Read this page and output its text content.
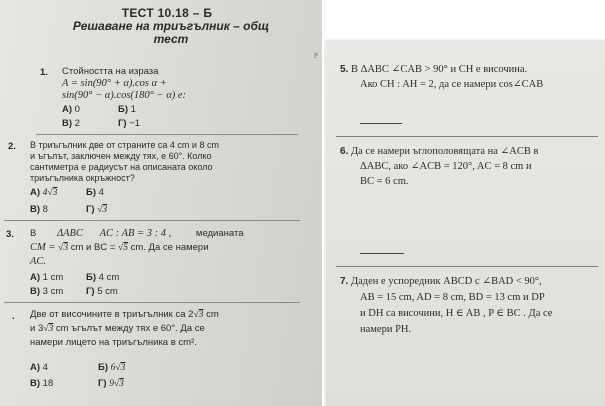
ТЕСТ 10.18 – Б
Решаване на триъгълник – общ
тест
1. Стойността на израза
A = sin(90° + α).cos α +
sin(90° − α).cos(180° − α) е:
А) 0	Б) 1
В) 2	Г) −1
2. В триъгълник две от страните са 4 cm и 8 cm
и ъгълът, заключен между тях, е 60°. Колко
сантиметра е радиусът на описаната около
триъгълника окръжност?
А) 4√3	Б) 4
В) 8	Г) √3
3. В ΔABC AC : AB = 3 : 4 ,	медианата
CM = √3 cm и BC = √5 cm. Да се намери
AC.
А) 1 cm Б) 4 cm
В) 3 cm Г) 5 cm
. Две от височините в триъгълник са 2√3 cm
и 3√3 cm ъгълът между тях е 60°. Да се
намери лицето на триъгълника в cm².
А) 4	Б) 6√3
В) 18	Г) 9√3
Р
5. В ΔABC ∠CAB > 90° и CH е височина.
Ако CH : AH = 2, да се намери cos∠CAB
6. Да се намери ъглополовящата на ∠ACB в
ΔABC, ако ∠ACB = 120°, AC = 8 cm и
BC = 6 cm.
7. Даден е успоредник ABCD с ∠BAD < 90°,
AB = 15 cm, AD = 8 cm, BD = 13 cm и DP
и DH са височини, H ∈ AB , P ∈ BC . Да се
намери PH.
